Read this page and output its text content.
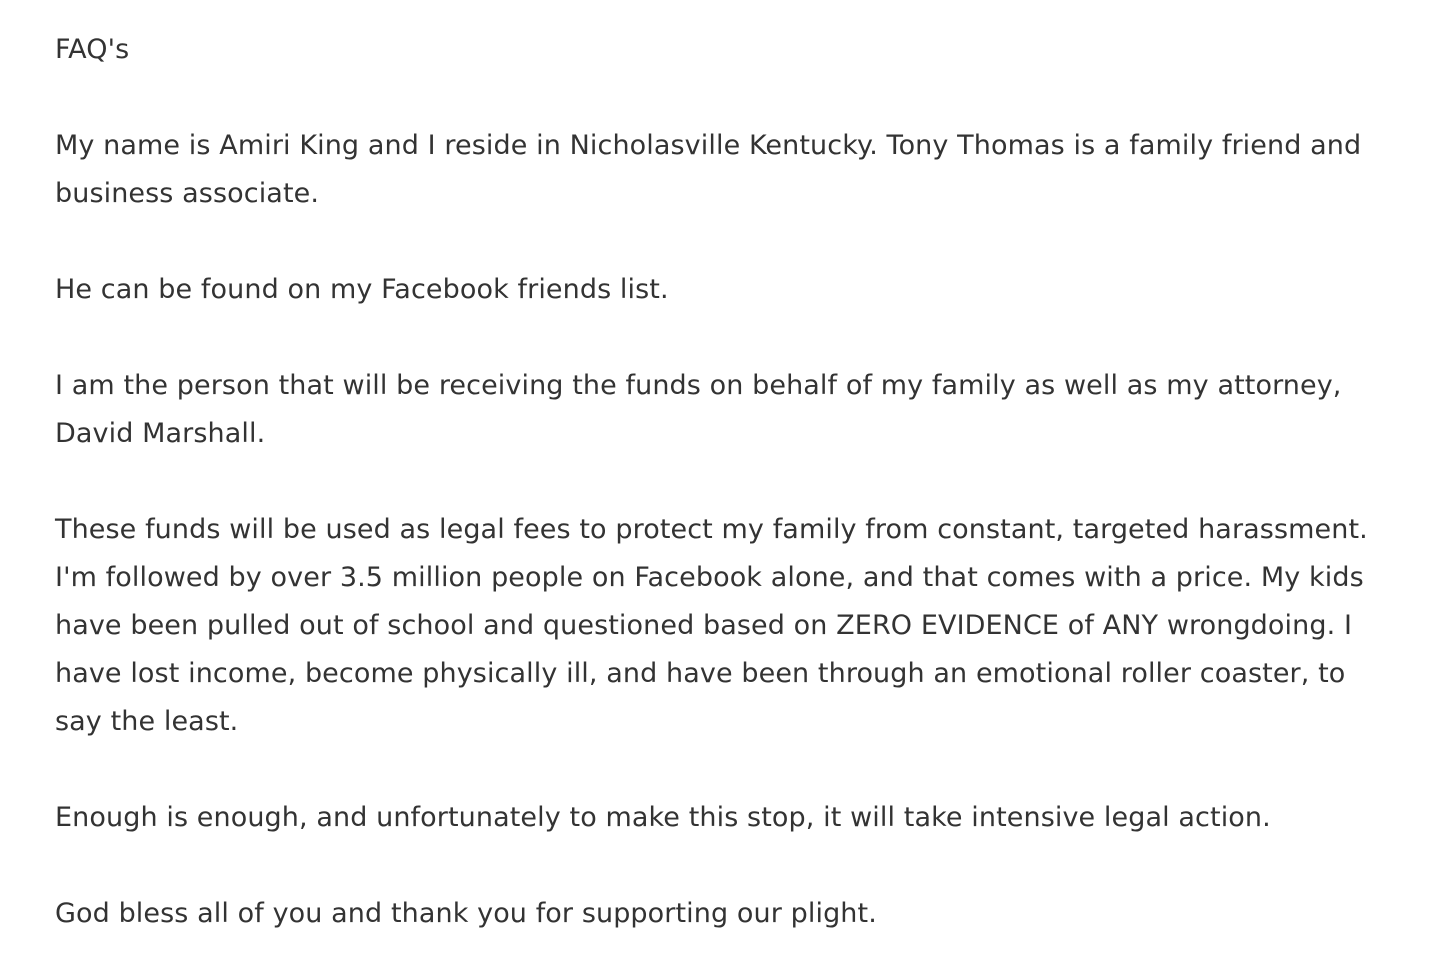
FAQ's
My name is Amiri King and I reside in Nicholasville Kentucky. Tony Thomas is a family friend and business associate.
He can be found on my Facebook friends list.
I am the person that will be receiving the funds on behalf of my family as well as my attorney, David Marshall.
These funds will be used as legal fees to protect my family from constant, targeted harassment. I'm followed by over 3.5 million people on Facebook alone, and that comes with a price. My kids have been pulled out of school and questioned based on ZERO EVIDENCE of ANY wrongdoing. I have lost income, become physically ill, and have been through an emotional roller coaster, to say the least.
Enough is enough, and unfortunately to make this stop, it will take intensive legal action.
God bless all of you and thank you for supporting our plight.
